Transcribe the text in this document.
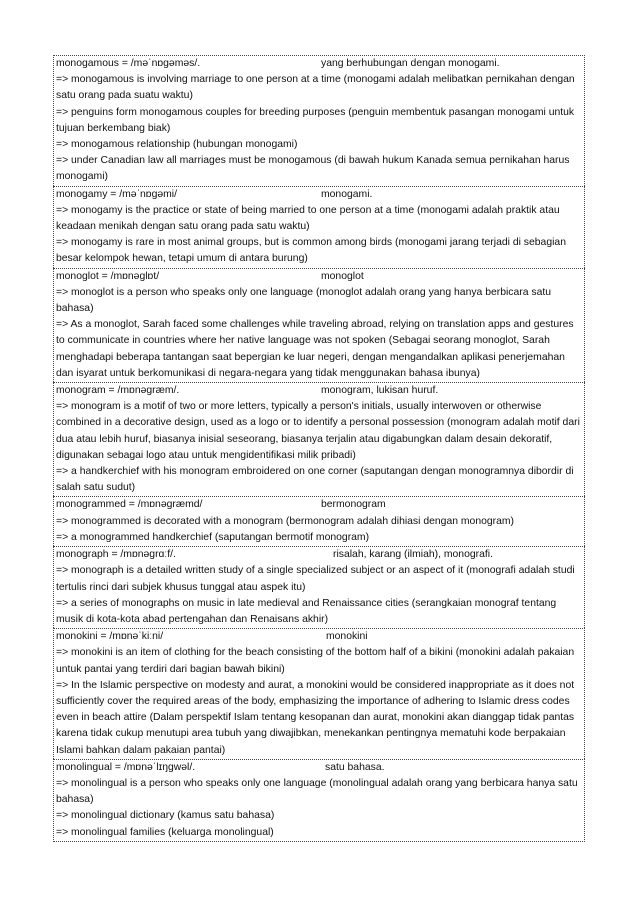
monogamous = /məˈnɒɡəməs/.	yang berhubungan dengan monogami.
=> monogamous is involving marriage to one person at a time (monogami adalah melibatkan pernikahan dengan satu orang pada suatu waktu)
=> penguins form monogamous couples for breeding purposes (penguin membentuk pasangan monogami untuk tujuan berkembang biak)
=> monogamous relationship (hubungan monogami)
=> under Canadian law all marriages must be monogamous (di bawah hukum Kanada semua pernikahan harus monogami)
monogamy = /məˈnɒɡəmi/	monogami.
=> monogamy is the practice or state of being married to one person at a time (monogami adalah praktik atau keadaan menikah dengan satu orang pada satu waktu)
=> monogamy is rare in most animal groups, but is common among birds (monogami jarang terjadi di sebagian besar kelompok hewan, tetapi umum di antara burung)
monoglot = /mɒnəɡlɒt/	monoglot
=> monoglot is a person who speaks only one language (monoglot adalah orang yang hanya berbicara satu bahasa)
=> As a monoglot, Sarah faced some challenges while traveling abroad, relying on translation apps and gestures to communicate in countries where her native language was not spoken (Sebagai seorang monoglot, Sarah menghadapi beberapa tantangan saat bepergian ke luar negeri, dengan mengandalkan aplikasi penerjemahan dan isyarat untuk berkomunikasi di negara-negara yang tidak menggunakan bahasa ibunya)
monogram = /mɒnəɡræm/.	monogram, lukisan huruf.
=> monogram is a motif of two or more letters, typically a person's initials, usually interwoven or otherwise combined in a decorative design, used as a logo or to identify a personal possession (monogram adalah motif dari dua atau lebih huruf, biasanya inisial seseorang, biasanya terjalin atau digabungkan dalam desain dekoratif, digunakan sebagai logo atau untuk mengidentifikasi milik pribadi)
=> a handkerchief with his monogram embroidered on one corner (saputangan dengan monogramnya dibordir di salah satu sudut)
monogrammed = /mɒnəɡræmd/	bermonogram
=> monogrammed is decorated with a monogram (bermonogram adalah dihiasi dengan monogram)
=> a monogrammed handkerchief (saputangan bermotif monogram)
monograph = /mɒnəɡrɑːf/.	risalah, karang (ilmiah), monografi.
=> monograph is a detailed written study of a single specialized subject or an aspect of it (monografi adalah studi tertulis rinci dari subjek khusus tunggal atau aspek itu)
=> a series of monographs on music in late medieval and Renaissance cities (serangkaian monograf tentang musik di kota-kota abad pertengahan dan Renaisans akhir)
monokini = /mɒnəˈkiːni/	monokini
=> monokini is an item of clothing for the beach consisting of the bottom half of a bikini (monokini adalah pakaian untuk pantai yang terdiri dari bagian bawah bikini)
=> In the Islamic perspective on modesty and aurat, a monokini would be considered inappropriate as it does not sufficiently cover the required areas of the body, emphasizing the importance of adhering to Islamic dress codes even in beach attire (Dalam perspektif Islam tentang kesopanan dan aurat, monokini akan dianggap tidak pantas karena tidak cukup menutupi area tubuh yang diwajibkan, menekankan pentingnya mematuhi kode berpakaian Islami bahkan dalam pakaian pantai)
monolingual = /mɒnəˈlɪŋɡwəl/.	satu bahasa.
=> monolingual is a person who speaks only one language (monolingual adalah orang yang berbicara hanya satu bahasa)
=> monolingual dictionary (kamus satu bahasa)
=> monolingual families (keluarga monolingual)
